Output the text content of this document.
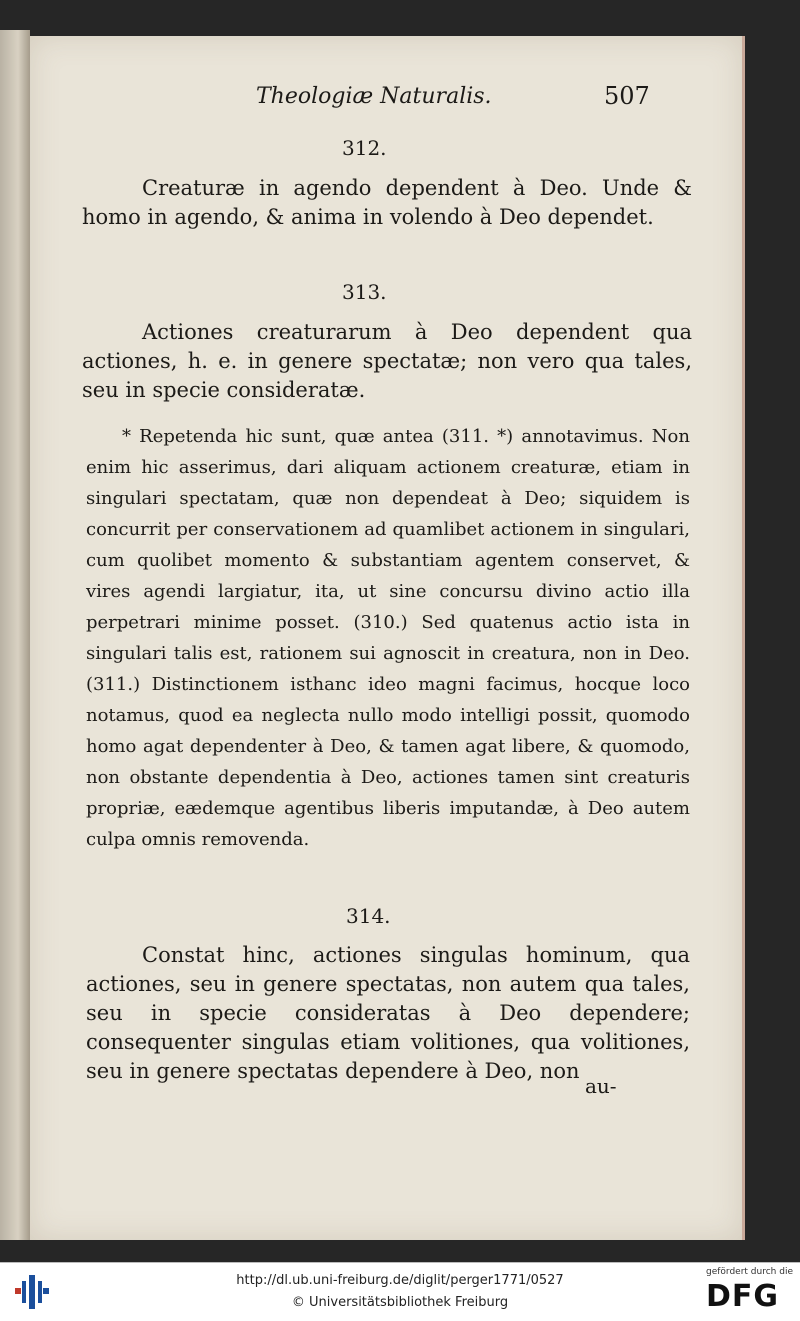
Theologiæ Naturalis.	507
312.
Creaturæ in agendo dependent à Deo. Unde & homo in agendo, & anima in volendo à Deo dependet.
313.
Actiones creaturarum à Deo dependent qua actiones, h. e. in genere spectatæ; non vero qua tales, seu in specie consideratæ.
* Repetenda hic sunt, quæ antea (311. *) annotavimus. Non enim hic asserimus, dari aliquam actionem creaturæ, etiam in singulari spectatam, quæ non dependeat à Deo; siquidem is concurrit per conservationem ad quamlibet actionem in singulari, cum quolibet momento & substantiam agentem conservet, & vires agendi largiatur, ita, ut sine concursu divino actio illa perpetrari minime posset. (310.) Sed quatenus actio ista in singulari talis est, rationem sui agnoscit in creatura, non in Deo. (311.) Distinctionem isthanc ideo magni facimus, hocque loco notamus, quod ea neglecta nullo modo intelligi possit, quomodo homo agat dependenter à Deo, & tamen agat libere, & quomodo, non obstante dependentia à Deo, actiones tamen sint creaturis propriæ, eædemque agentibus liberis imputandæ, à Deo autem culpa omnis removenda.
314.
Constat hinc, actiones singulas hominum, qua actiones, seu in genere spectatas, non autem qua tales, seu in specie consideratas à Deo dependere; consequenter singulas etiam volitiones, qua volitiones, seu in genere spectatas dependere à Deo, non
au-
http://dl.ub.uni-freiburg.de/diglit/perger1771/0527
© Universitätsbibliothek Freiburg
gefördert durch die
DFG
